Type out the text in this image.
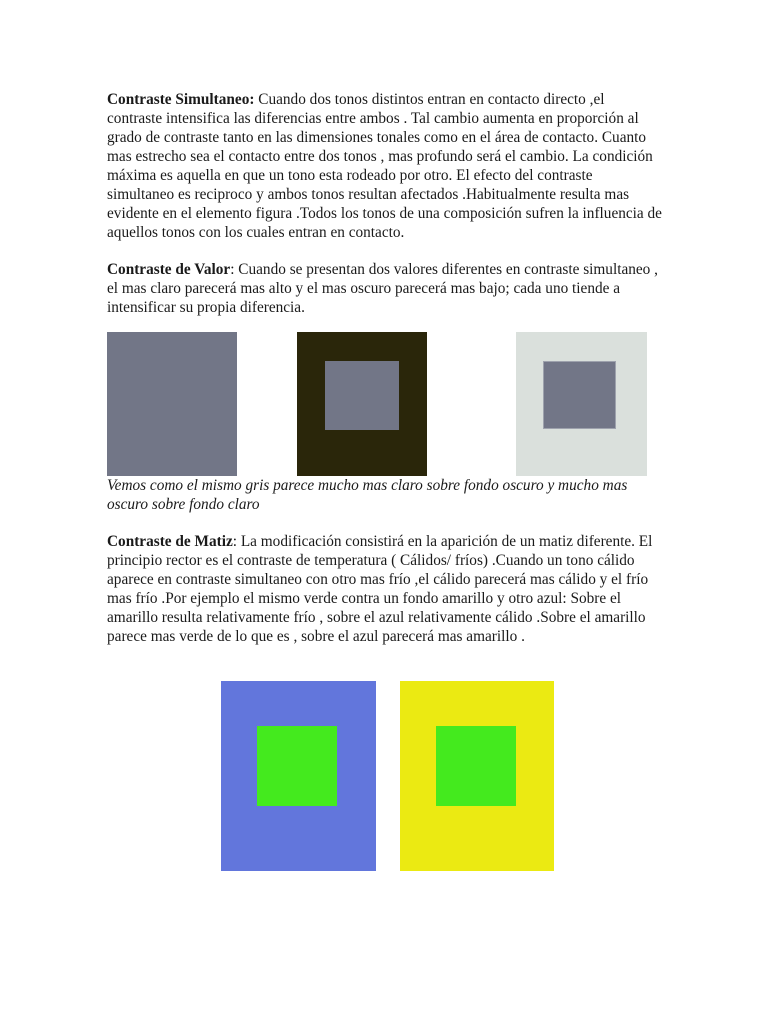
Contraste Simultaneo: Cuando dos tonos distintos entran en contacto directo ,el contraste intensifica las diferencias entre ambos . Tal cambio aumenta en proporción al grado de contraste tanto en las dimensiones tonales como en el área de contacto. Cuanto mas estrecho sea el contacto entre dos tonos , mas profundo será el cambio. La condición máxima es aquella en que un tono esta rodeado por otro. El efecto del contraste simultaneo es reciproco y ambos tonos resultan afectados .Habitualmente resulta mas evidente en el elemento figura .Todos los tonos de una composición sufren la influencia de aquellos tonos con los cuales entran en contacto.

Contraste de Valor: Cuando se presentan dos valores diferentes en contraste simultaneo , el mas claro parecerá mas alto y el mas oscuro parecerá mas bajo; cada uno tiende a intensificar su propia diferencia.

Vemos como el mismo gris parece mucho mas claro sobre fondo oscuro y mucho mas oscuro sobre fondo claro

Contraste de Matiz: La modificación consistirá en la aparición de un matiz diferente. El principio rector es el contraste de temperatura ( Cálidos/ fríos) .Cuando un tono cálido aparece en contraste simultaneo con otro mas frío ,el cálido parecerá mas cálido y el frío mas frío .Por ejemplo el mismo verde contra un fondo amarillo y otro azul: Sobre el amarillo resulta relativamente frío , sobre el azul relativamente cálido .Sobre el amarillo parece mas verde de lo que es , sobre el azul parecerá mas amarillo .
